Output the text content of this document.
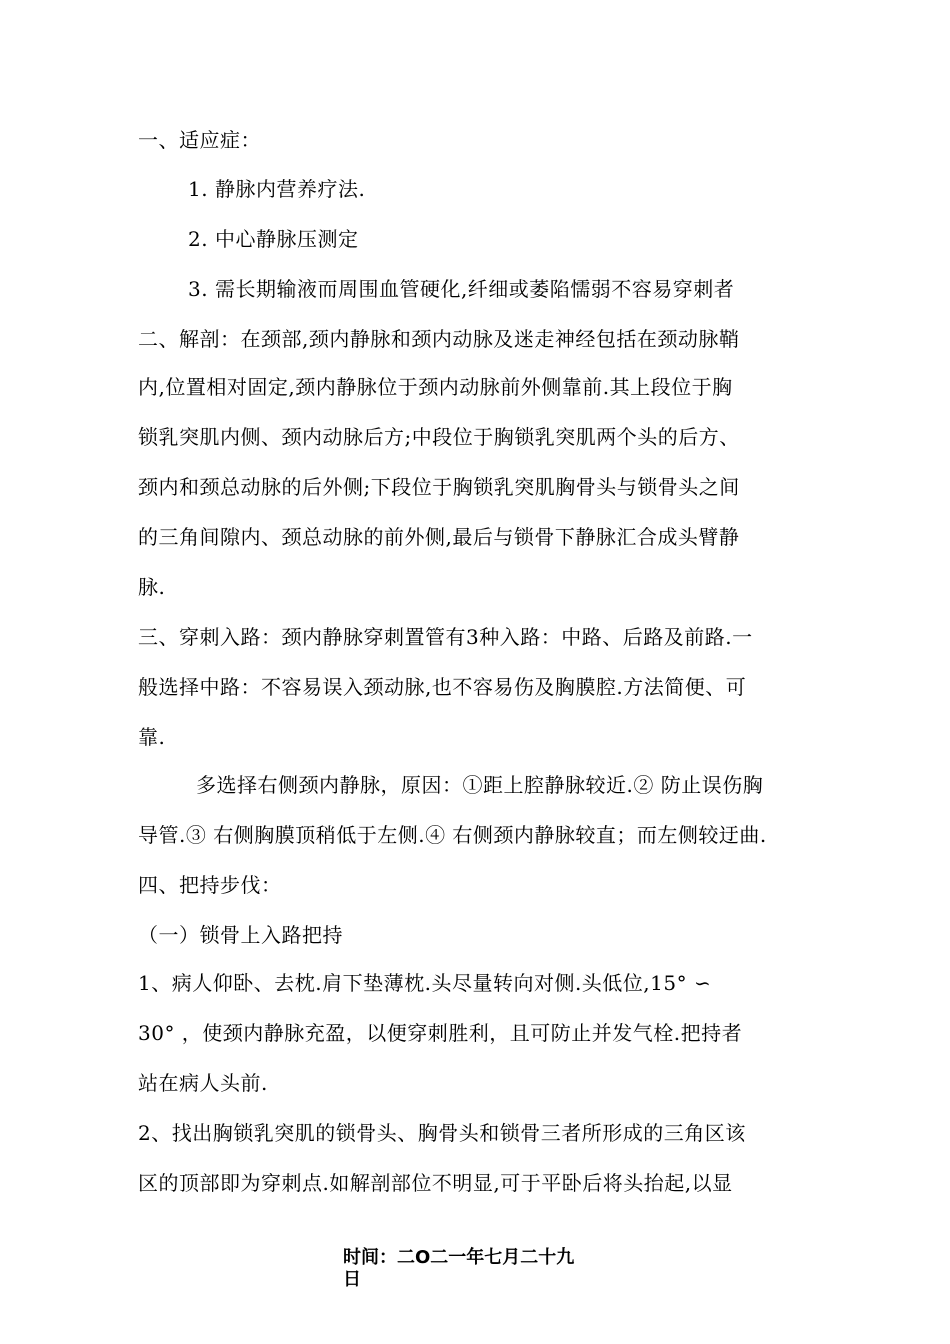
一、适应症：
1. 静脉内营养疗法.
2. 中心静脉压测定
3. 需长期输液而周围血管硬化,纤细或萎陷懦弱不容易穿刺者
二、解剖：在颈部,颈内静脉和颈内动脉及迷走神经包括在颈动脉鞘
内,位置相对固定,颈内静脉位于颈内动脉前外侧靠前.其上段位于胸
锁乳突肌内侧、颈内动脉后方;中段位于胸锁乳突肌两个头的后方、
颈内和颈总动脉的后外侧;下段位于胸锁乳突肌胸骨头与锁骨头之间
的三角间隙内、颈总动脉的前外侧,最后与锁骨下静脉汇合成头臂静
脉.
三、穿刺入路：颈内静脉穿刺置管有3种入路：中路、后路及前路.一
般选择中路：不容易误入颈动脉,也不容易伤及胸膜腔.方法简便、可
靠.
多选择右侧颈内静脉，原因：①距上腔静脉较近.② 防止误伤胸
导管.③ 右侧胸膜顶稍低于左侧.④ 右侧颈内静脉较直；而左侧较迂曲.
四、把持步伐：
（一）锁骨上入路把持
1、病人仰卧、去枕.肩下垫薄枕.头尽量转向对侧.头低位,15° ∽
30° ，使颈内静脉充盈，以便穿刺胜利，且可防止并发气栓.把持者
站在病人头前.
2、找出胸锁乳突肌的锁骨头、胸骨头和锁骨三者所形成的三角区该
区的顶部即为穿刺点.如解剖部位不明显,可于平卧后将头抬起,以显
时间：二O二一年七月二十九
日
